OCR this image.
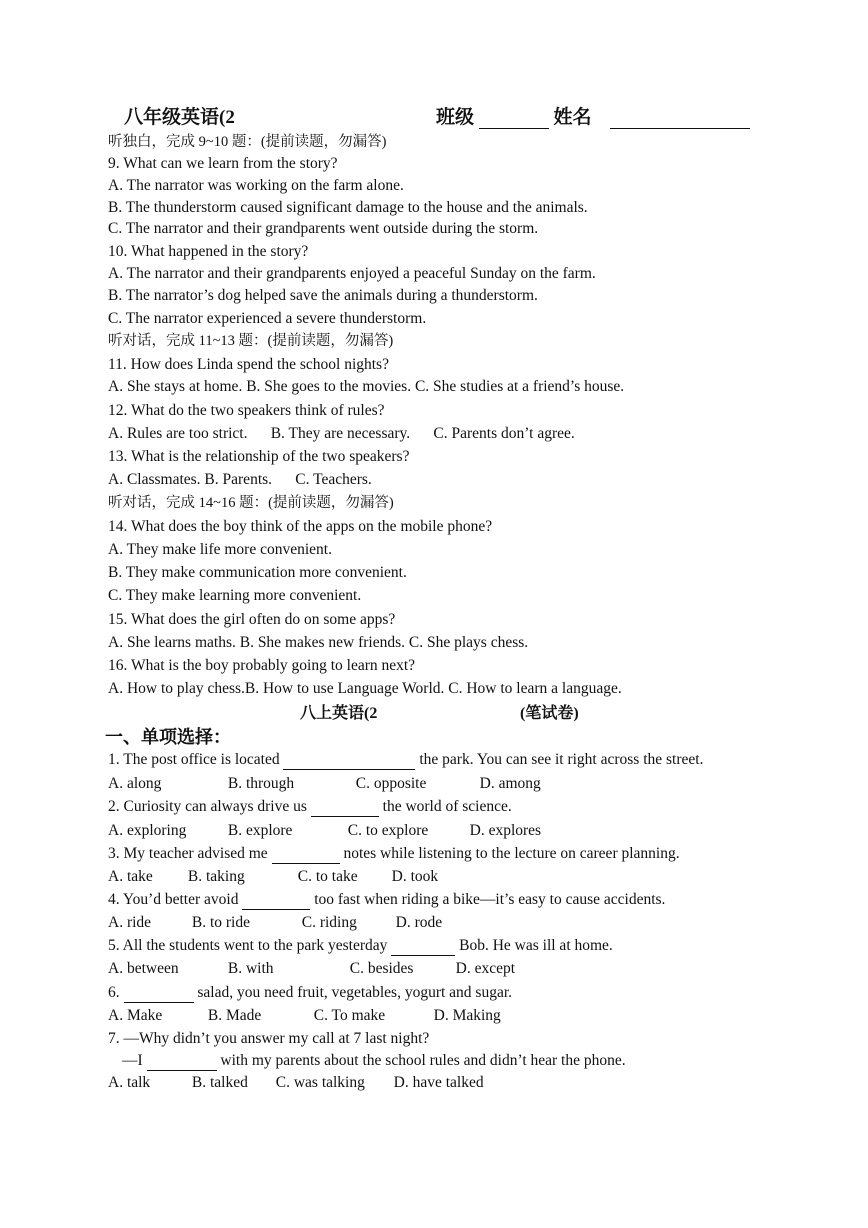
八年级英语(2	班级	姓名
听独白，完成 9~10 题：(提前读题，勿漏答)
9. What can we learn from the story?
A. The narrator was working on the farm alone.
B. The thunderstorm caused significant damage to the house and the animals.
C. The narrator and their grandparents went outside during the storm.
10. What happened in the story?
A. The narrator and their grandparents enjoyed a peaceful Sunday on the farm.
B. The narrator’s dog helped save the animals during a thunderstorm.
C. The narrator experienced a severe thunderstorm.
听对话，完成 11~13 题：(提前读题，勿漏答)
11. How does Linda spend the school nights?
A. She stays at home. B. She goes to the movies. C. She studies at a friend’s house.
12. What do the two speakers think of rules?
A. Rules are too strict.      B. They are necessary.      C. Parents don’t agree.
13. What is the relationship of the two speakers?
A. Classmates. B. Parents.      C. Teachers.
听对话，完成 14~16 题：(提前读题，勿漏答)
14. What does the boy think of the apps on the mobile phone?
A. They make life more convenient.
B. They make communication more convenient.
C. They make learning more convenient.
15. What does the girl often do on some apps?
A. She learns maths. B. She makes new friends. C. She plays chess.
16. What is the boy probably going to learn next?
A. How to play chess.B. How to use Language World. C. How to learn a language.
八上英语(2	(笔试卷)
一、单项选择：
1. The post office is located	the park. You can see it right across the street.
A. along	B. through	C. opposite	D. among
2. Curiosity can always drive us	the world of science.
A. exploring	B. explore	C. to explore	D. explores
3. My teacher advised me	notes while listening to the lecture on career planning.
A. take B. taking	C. to take D. took
4. You’d better avoid	too fast when riding a bike—it’s easy to cause accidents.
A. ride	B. to ride	C. riding	D. rode
5. All the students went to the park yesterday	Bob. He was ill at home.
A. between	B. with	C. besides	D. except
6.	salad, you need fruit, vegetables, yogurt and sugar.
A. Make	B. Made	C. To make	D. Making
7. —Why didn’t you answer my call at 7 last night?
—I	with my parents about the school rules and didn’t hear the phone.
A. talk	B. talked C. was talking D. have talked
